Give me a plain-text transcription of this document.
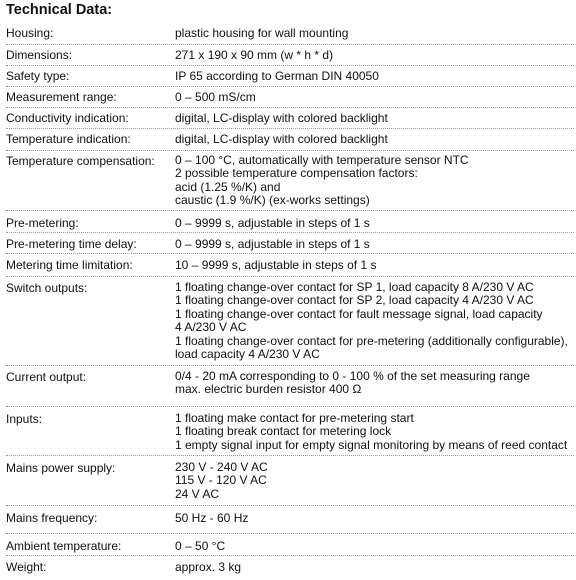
Technical Data:
Housing:	plastic housing for wall mounting
Dimensions:	271 x 190 x 90 mm (w * h * d)
Safety type:	IP 65 according to German DIN 40050
Measurement range:	0 – 500 mS/cm
Conductivity indication:	digital, LC-display with colored backlight
Temperature indication:	digital, LC-display with colored backlight
Temperature compensation: 0 – 100 °C, automatically with temperature sensor NTC
2 possible temperature compensation factors:
acid (1.25 %/K) and
caustic (1.9 %/K) (ex-works settings)
Pre-metering:	0 – 9999 s, adjustable in steps of 1 s
Pre-metering time delay:	0 – 9999 s, adjustable in steps of 1 s
Metering time limitation:	10 – 9999 s, adjustable in steps of 1 s
Switch outputs:	1 floating change-over contact for SP 1, load capacity 8 A/230 V AC
1 floating change-over contact for SP 2, load capacity 4 A/230 V AC
1 floating change-over contact for fault message signal, load capacity
4 A/230 V AC
1 floating change-over contact for pre-metering (additionally configurable),
load capacity 4 A/230 V AC
Current output:	0/4 - 20 mA corresponding to 0 - 100 % of the set measuring range
max. electric burden resistor 400 Ω
Inputs:	1 floating make contact for pre-metering start
1 floating break contact for metering lock
1 empty signal input for empty signal monitoring by means of reed contact
Mains power supply:	230 V - 240 V AC
115 V - 120 V AC
24 V AC
Mains frequency:	50 Hz - 60 Hz
Ambient temperature:	0 – 50 °C
Weight:	approx. 3 kg
